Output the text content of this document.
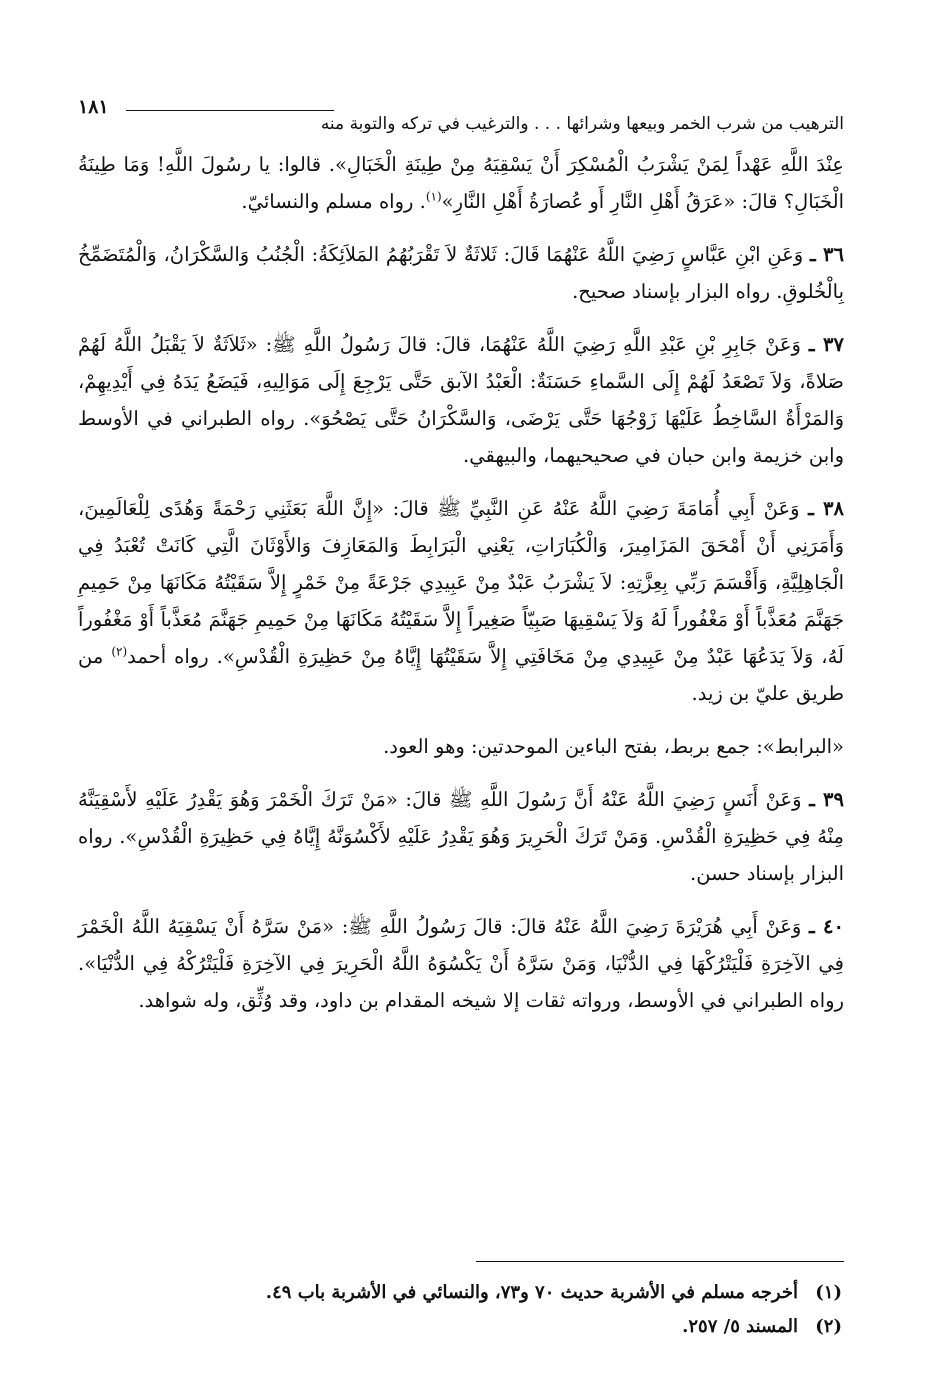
١٨١
الترهيب من شرب الخمر وبيعها وشرائها . . . والترغيب في تركه والتوبة منه

عِنْدَ اللَّهِ عَهْداً لِمَنْ يَشْرَبُ الْمُسْكِرَ أَنْ يَسْقِيَهُ مِنْ طِينَةِ الْخَبَالِ». قالوا: يا رسُولَ اللَّهِ! وَمَا طِينَةُ الْخَبَالِ؟ قالَ: «عَرَقُ أَهْلِ النَّارِ أَو عُصارَةُ أَهْلِ النَّارِ»$^{(١)}$. رواه مسلم والنسائيّ.

٣٦ ـ وَعَنِ ابْنِ عَبَّاسٍ رَضِيَ اللَّهُ عَنْهُمَا قَالَ: ثَلاثَةٌ لاَ تَقْرَبُهُمُ المَلاَئِكَةُ: الْجُنُبُ وَالسَّكْرَانُ، وَالْمُتَضَمِّخُ بِالْخُلوقِ. رواه البزار بإسناد صحيح.

٣٧ ـ وَعَنْ جَابِرِ بْنِ عَبْدِ اللَّهِ رَضِيَ اللَّهُ عَنْهُمَا، قالَ: قالَ رَسُولُ اللَّهِ ﷺ: «ثَلاَثَةٌ لاَ يَقْبَلُ اللَّهُ لَهُمْ صَلاةً، وَلاَ تَصْعَدُ لَهُمْ إِلَى السَّماءِ حَسَنَةٌ: الْعَبْدُ الآبق حَتَّى يَرْجِعَ إِلَى مَوَالِيهِ، فَيَضَعُ يَدَهُ فِي أَيْدِيهِمْ، وَالمَرْأَةُ السَّاخِطُ عَلَيْهَا زَوْجُهَا حَتَّى يَرْضَى، وَالسَّكْرَانُ حَتَّى يَصْحُوَ». رواه الطبراني في الأوسط وابن خزيمة وابن حبان في صحيحيهما، والبيهقي.

٣٨ ـ وَعَنْ أَبِي أُمَامَةَ رَضِيَ اللَّهُ عَنْهُ عَنِ النَّبِيِّ ﷺ قالَ: «إِنَّ اللَّهَ بَعَثَنِي رَحْمَةً وَهُدًى لِلْعَالَمِينَ، وَأَمَرَنِي أَنْ أَمْحَقَ المَزَامِيرَ، وَالْكُبَارَاتِ، يَعْنِي الْبَرَابِطَ وَالمَعَازِفَ وَالأَوْثَانَ الَّتِي كَانَتْ تُعْبَدُ فِي الْجَاهِلِيَّةِ، وَأَقْسَمَ رَبِّي بِعِزَّتِهِ: لاَ يَشْرَبُ عَبْدٌ مِنْ عَبِيدِي جَرْعَةً مِنْ خَمْرٍ إِلاَّ سَقَيْتُهُ مَكَانَهَا مِنْ حَمِيمِ جَهَنَّمَ مُعَذَّباً أَوْ مَغْفُوراً لَهُ وَلاَ يَسْقِيهَا صَبِيّاً صَغِيراً إِلاَّ سَقَيْتُهُ مَكَانَهَا مِنْ حَمِيمِ جَهَنَّمَ مُعَذَّباً أَوْ مَغْفُوراً لَهُ، وَلاَ يَدَعُهَا عَبْدٌ مِنْ عَبِيدِي مِنْ مَخَافَتِي إِلاَّ سَقَيْتُهَا إِيَّاهُ مِنْ حَظِيرَةِ الْقُدْسِ». رواه أحمد$^{(٢)}$ من طريق عليّ بن زيد.

«البرابط»: جمع بربط، بفتح الباءين الموحدتين: وهو العود.

٣٩ ـ وَعَنْ أَنَسٍ رَضِيَ اللَّهُ عَنْهُ أَنَّ رَسُولَ اللَّهِ ﷺ قالَ: «مَنْ تَرَكَ الْخَمْرَ وَهُوَ يَقْدِرُ عَلَيْهِ لأَسْقِيَنَّهُ مِنْهُ فِي حَظِيرَةِ الْقُدْسِ. وَمَنْ تَرَكَ الْحَرِيرَ وَهُوَ يَقْدِرُ عَلَيْهِ لأَكْسُوَنَّهُ إِيَّاهُ فِي حَظِيرَةِ الْقُدْسِ». رواه البزار بإسناد حسن.

٤٠ ـ وَعَنْ أَبِي هُرَيْرَةَ رَضِيَ اللَّهُ عَنْهُ قالَ: قالَ رَسُولُ اللَّهِ ﷺ: «مَنْ سَرَّهُ أَنْ يَسْقِيَهُ اللَّهُ الْخَمْرَ فِي الآخِرَةِ فَلْيَتْرُكْهَا فِي الدُّنْيَا، وَمَنْ سَرَّهُ أَنْ يَكْسُوَهُ اللَّهُ الْحَرِيرَ فِي الآخِرَةِ فَلْيَتْرُكْهُ فِي الدُّنْيَا». رواه الطبراني في الأوسط، ورواته ثقات إلا شيخه المقدام بن داود، وقد وُثِّق، وله شواهد.

(١)أخرجه مسلم في الأشربة حديث ٧٠ و٧٣، والنسائي في الأشربة باب ٤٩.
(٢)المسند ٥/ ٢٥٧.
